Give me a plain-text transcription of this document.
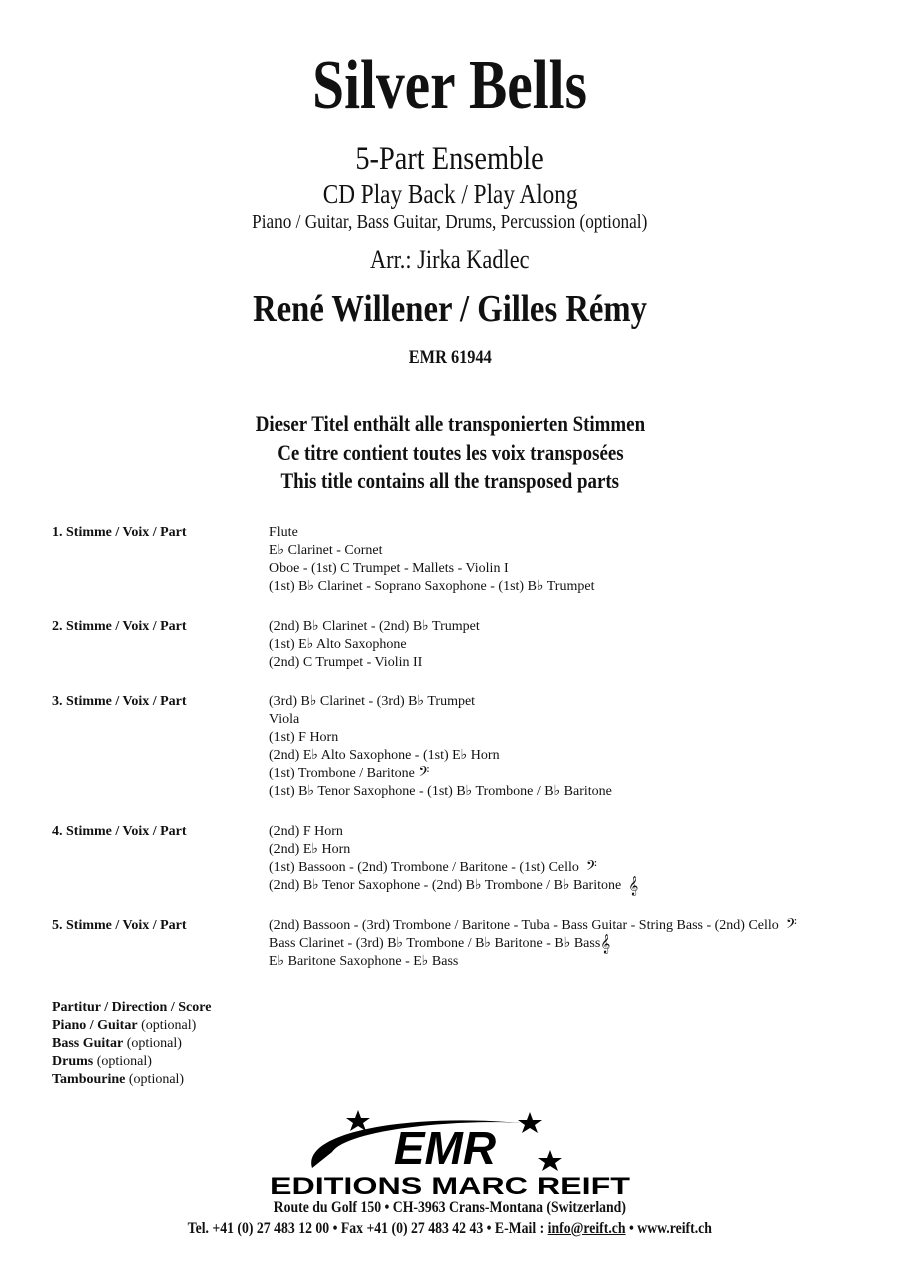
Silver Bells
5-Part Ensemble
CD Play Back / Play Along
Piano / Guitar, Bass Guitar, Drums, Percussion (optional)
Arr.: Jirka Kadlec
René Willener / Gilles Rémy
EMR 61944
Dieser Titel enthält alle transponierten Stimmen
Ce titre contient toutes les voix transposées
This title contains all the transposed parts
1. Stimme / Voix / Part	Flute
E♭ Clarinet - Cornet
Oboe - (1st) C Trumpet - Mallets - Violin I
(1st) B♭ Clarinet - Soprano Saxophone - (1st) B♭ Trumpet
2. Stimme / Voix / Part	(2nd) B♭ Clarinet - (2nd) B♭ Trumpet
(1st) E♭ Alto Saxophone
(2nd) C Trumpet - Violin II
3. Stimme / Voix / Part	(3rd) B♭ Clarinet - (3rd) B♭ Trumpet
Viola
(1st) F Horn
(2nd) E♭ Alto Saxophone - (1st) E♭ Horn
(1st) Trombone / Baritone 𝄢
(1st) B♭ Tenor Saxophone - (1st) B♭ Trombone / B♭ Baritone
4. Stimme / Voix / Part	(2nd) F Horn
(2nd) E♭ Horn
(1st) Bassoon - (2nd) Trombone / Baritone - (1st) Cello 𝄢
(2nd) B♭ Tenor Saxophone - (2nd) B♭ Trombone / B♭ Baritone 𝄞
5. Stimme / Voix / Part	(2nd) Bassoon - (3rd) Trombone / Baritone - Tuba - Bass Guitar - String Bass - (2nd) Cello 𝄢
Bass Clarinet - (3rd) B♭ Trombone / B♭ Baritone - B♭ Bass𝄞
E♭ Baritone Saxophone - E♭ Bass
Partitur / Direction / Score
Piano / Guitar (optional)
Bass Guitar (optional)
Drums (optional)
Tambourine (optional)
EMR
EDITIONS MARC REIFT
Route du Golf 150 • CH-3963 Crans-Montana (Switzerland)
Tel. +41 (0) 27 483 12 00 • Fax +41 (0) 27 483 42 43 • E-Mail : info@reift.ch • www.reift.ch
